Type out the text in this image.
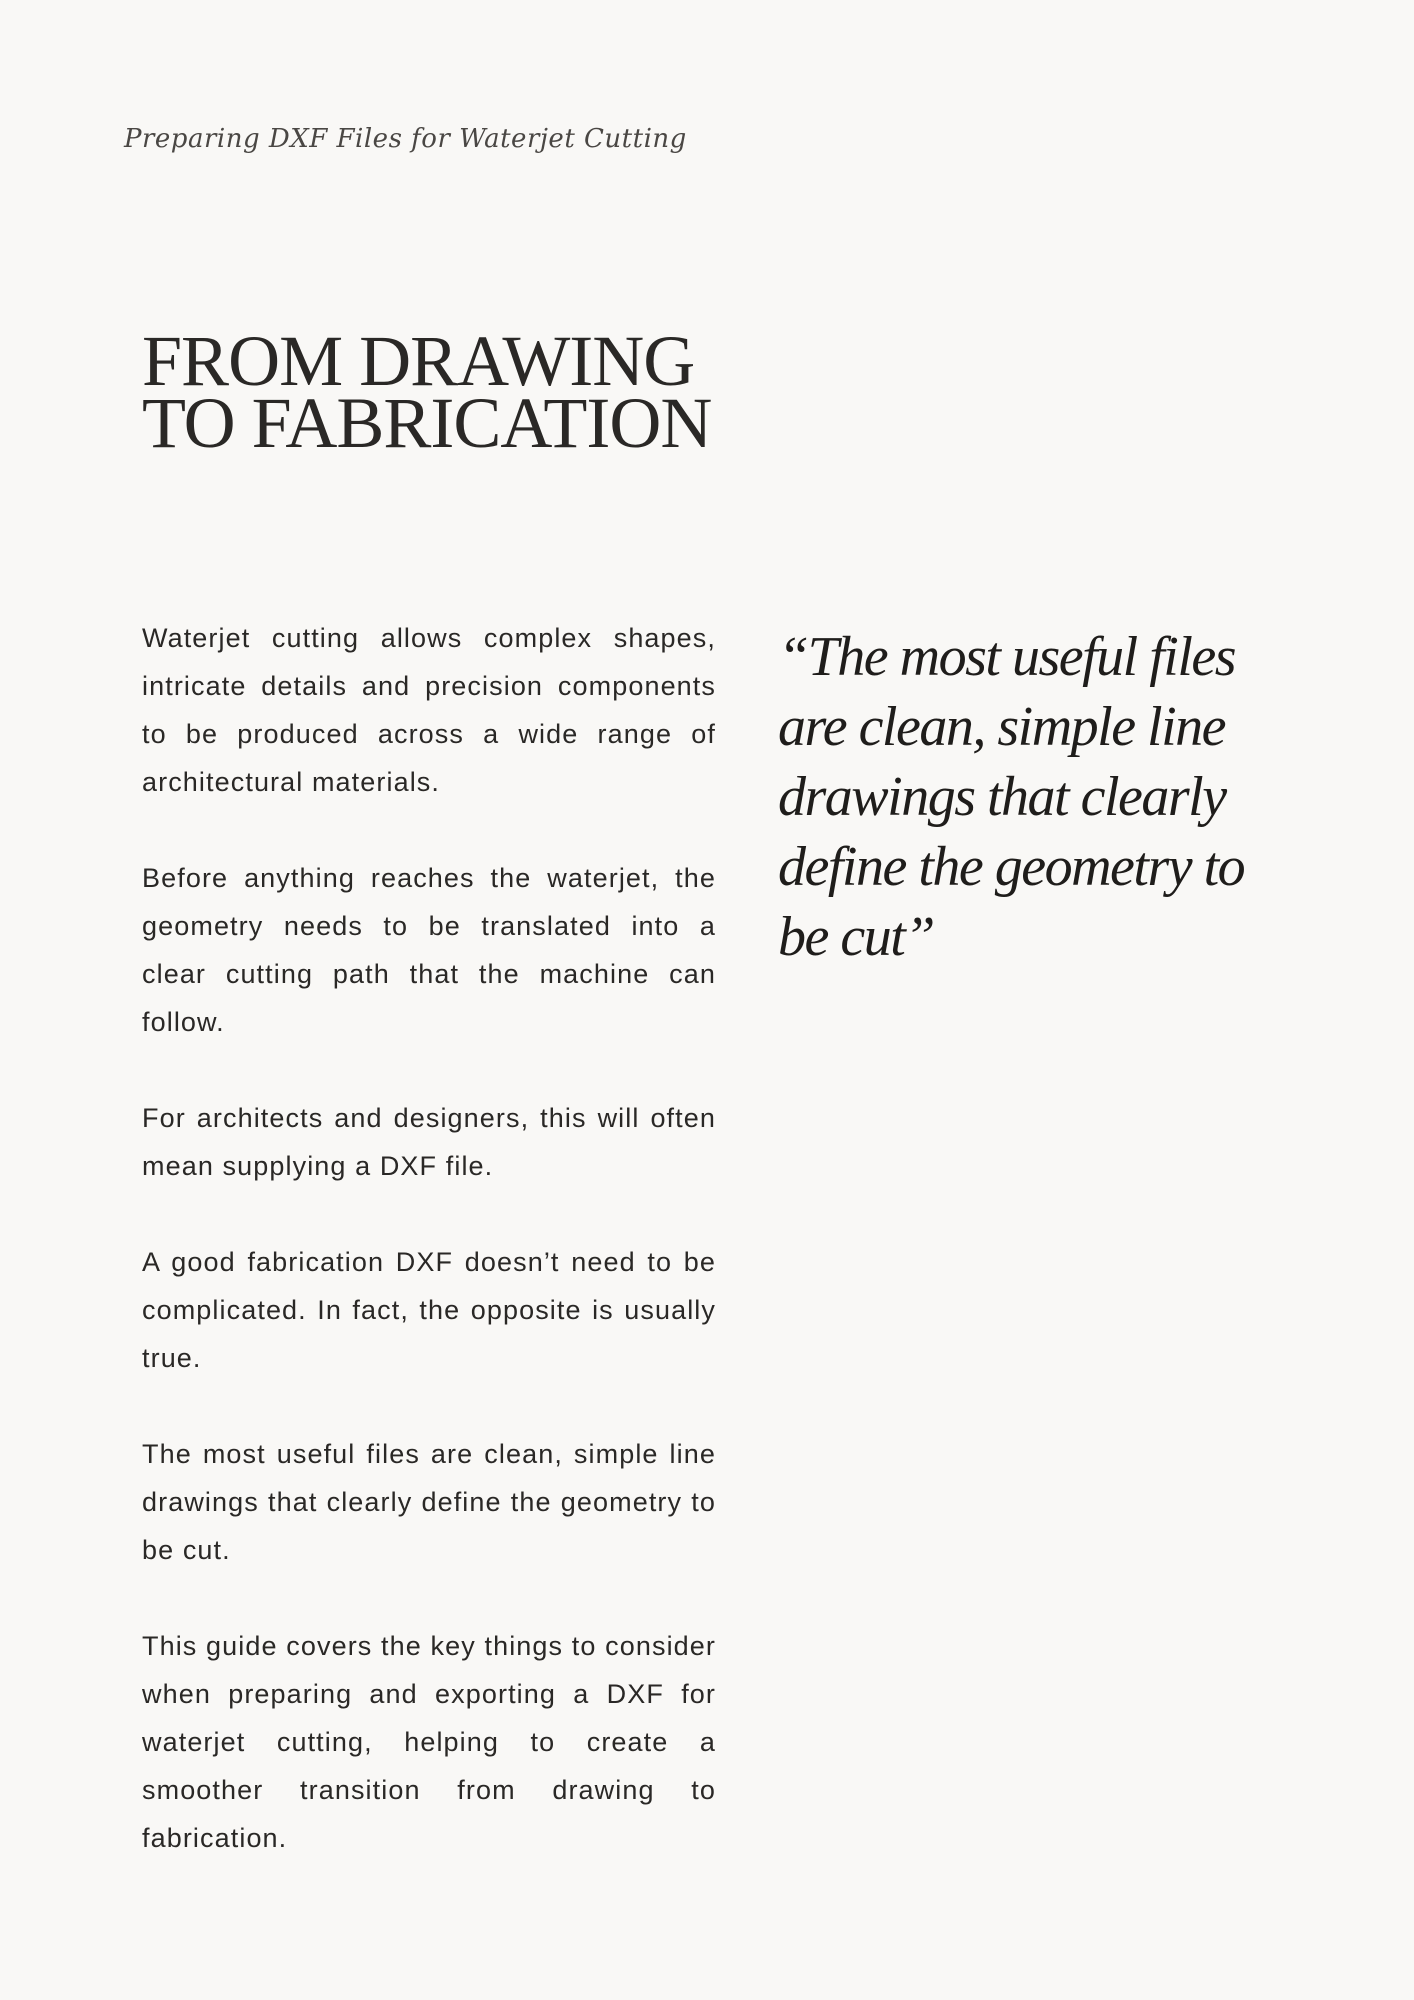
Preparing DXF Files for Waterjet Cutting
FROM DRAWING
TO FABRICATION

Waterjet cutting allows complex shapes, intricate details and precision components to be produced across a wide range of architectural materials.

Before anything reaches the waterjet, the geometry needs to be translated into a clear cutting path that the machine can follow.

For architects and designers, this will often mean supplying a DXF file.

A good fabrication DXF doesn’t need to be complicated. In fact, the opposite is usually true.

The most useful files are clean, simple line drawings that clearly define the geometry to be cut.

This guide covers the key things to consider when preparing and exporting a DXF for waterjet cutting, helping to create a smoother transition from drawing to fabrication.

“The most useful files are clean, simple line drawings that clearly define the geometry to be cut”
